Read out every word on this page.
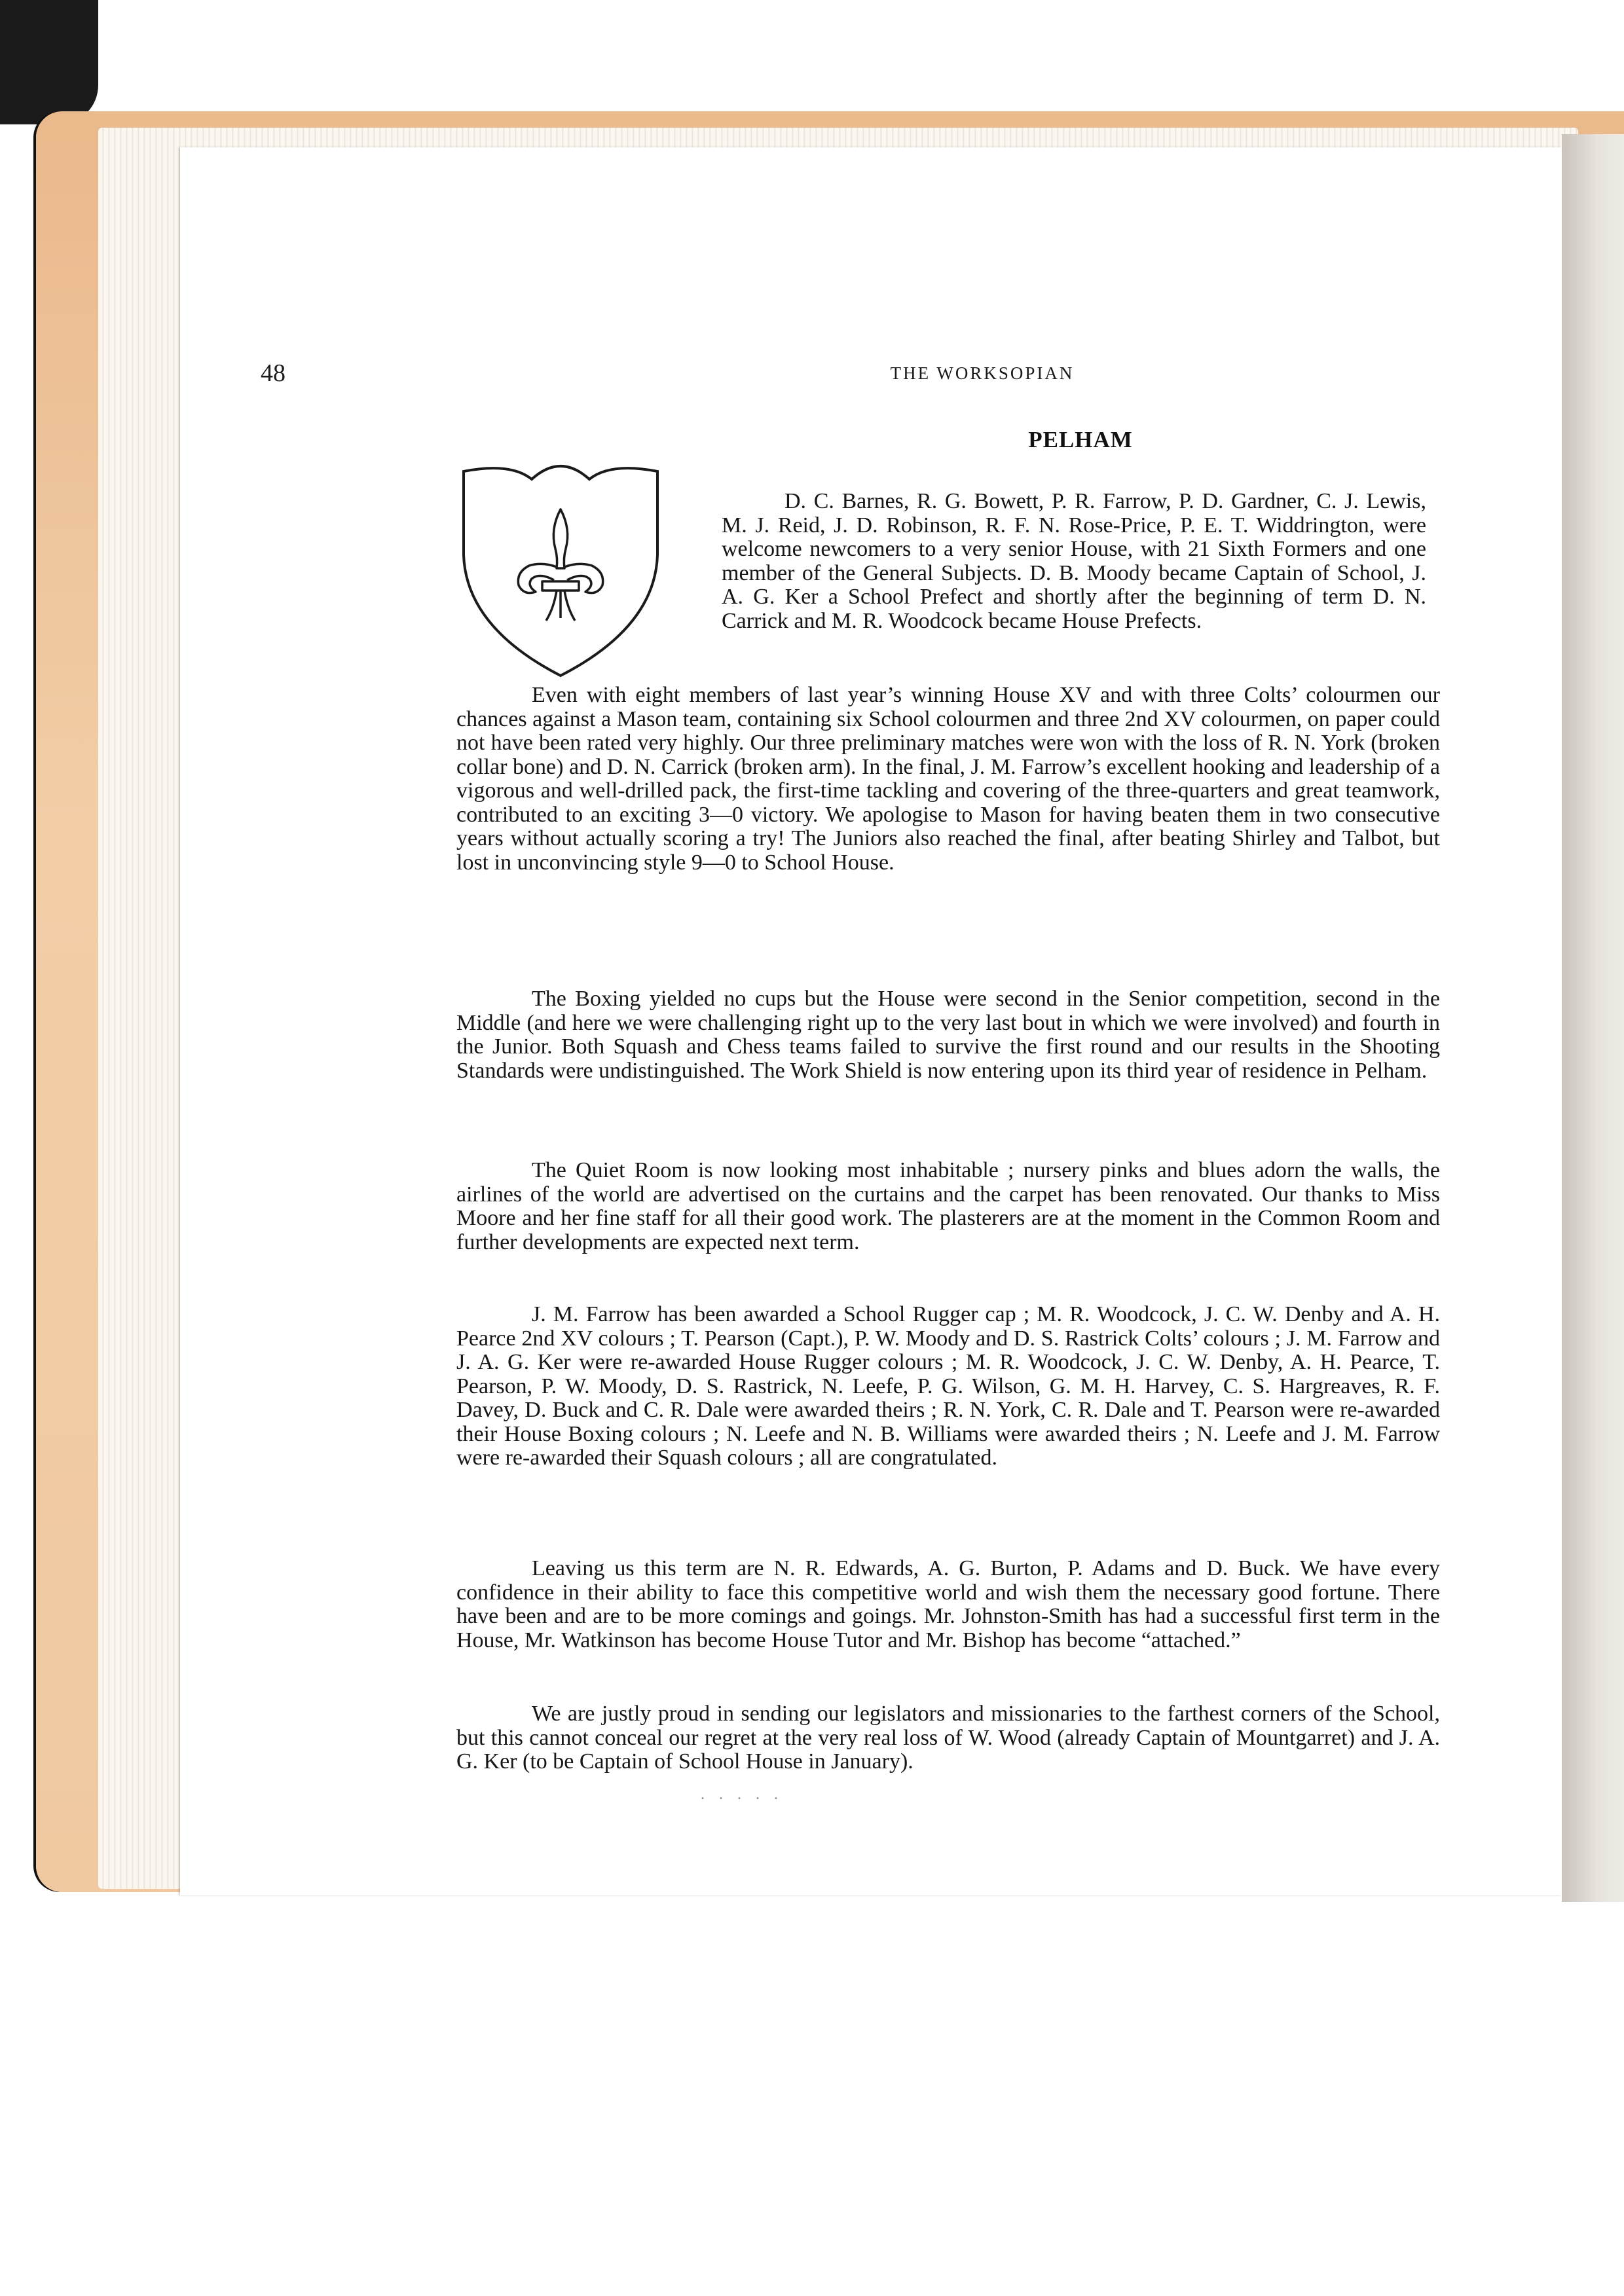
48	THE WORKSOPIAN
PELHAM

D. C. Barnes, R. G. Bowett, P. R. Farrow, P. D. Gardner, C. J. Lewis, M. J. Reid, J. D. Robinson, R. F. N. Rose-Price, P. E. T. Widdrington, were welcome newcomers to a very senior House, with 21 Sixth Formers and one member of the General Subjects. D. B. Moody became Captain of School, J. A. G. Ker a School Prefect and shortly after the beginning of term D. N. Carrick and M. R. Woodcock became House Prefects.

Even with eight members of last year’s winning House XV and with three Colts’ colourmen our chances against a Mason team, containing six School colourmen and three 2nd XV colourmen, on paper could not have been rated very highly. Our three preliminary matches were won with the loss of R. N. York (broken collar bone) and D. N. Carrick (broken arm). In the final, J. M. Farrow’s excellent hooking and leadership of a vigorous and well-drilled pack, the first-time tackling and covering of the three-quarters and great teamwork, contributed to an exciting 3—0 victory. We apologise to Mason for having beaten them in two consecutive years without actually scoring a try! The Juniors also reached the final, after beating Shirley and Talbot, but lost in unconvincing style 9—0 to School House.

The Boxing yielded no cups but the House were second in the Senior competition, second in the Middle (and here we were challenging right up to the very last bout in which we were involved) and fourth in the Junior. Both Squash and Chess teams failed to survive the first round and our results in the Shooting Standards were undistinguished. The Work Shield is now entering upon its third year of residence in Pelham.

The Quiet Room is now looking most inhabitable ; nursery pinks and blues adorn the walls, the airlines of the world are advertised on the curtains and the carpet has been renovated. Our thanks to Miss Moore and her fine staff for all their good work. The plasterers are at the moment in the Common Room and further developments are expected next term.

J. M. Farrow has been awarded a School Rugger cap ; M. R. Woodcock, J. C. W. Denby and A. H. Pearce 2nd XV colours ; T. Pearson (Capt.), P. W. Moody and D. S. Rastrick Colts’ colours ; J. M. Farrow and J. A. G. Ker were re-awarded House Rugger colours ; M. R. Woodcock, J. C. W. Denby, A. H. Pearce, T. Pearson, P. W. Moody, D. S. Rastrick, N. Leefe, P. G. Wilson, G. M. H. Harvey, C. S. Hargreaves, R. F. Davey, D. Buck and C. R. Dale were awarded theirs ; R. N. York, C. R. Dale and T. Pearson were re-awarded their House Boxing colours ; N. Leefe and N. B. Williams were awarded theirs ; N. Leefe and J. M. Farrow were re-awarded their Squash colours ; all are congratulated.

Leaving us this term are N. R. Edwards, A. G. Burton, P. Adams and D. Buck. We have every confidence in their ability to face this competitive world and wish them the necessary good fortune. There have been and are to be more comings and goings. Mr. Johnston-Smith has had a successful first term in the House, Mr. Watkinson has become House Tutor and Mr. Bishop has become “attached.”

We are justly proud in sending our legislators and missionaries to the farthest corners of the School, but this cannot conceal our regret at the very real loss of W. Wood (already Captain of Mountgarret) and J. A. G. Ker (to be Captain of School House in January).

. . . . .
